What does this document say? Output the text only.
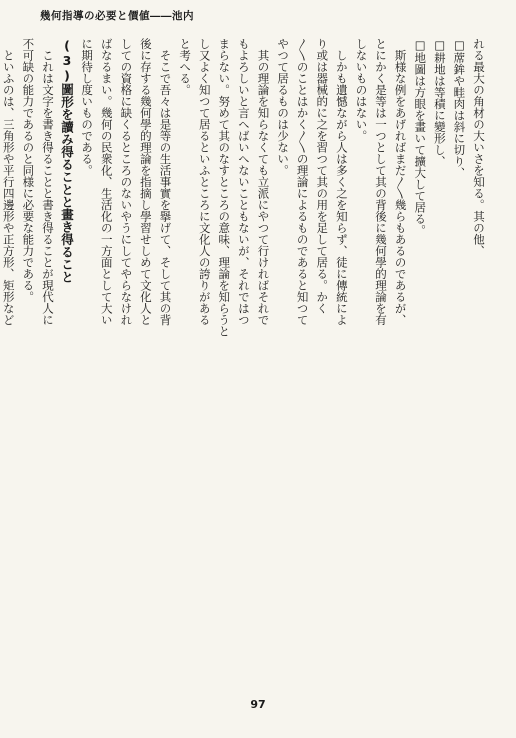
幾何指導の必要と價値――池内

れる最大の角材の大いさを知る。其の他、

□蓆鉾や畦肉は斜に切り、

□耕地は等積に變形し、

□地圖は方眼を畫いて擴大して居る。

　斯様な例をあげればまだ〳〵幾らもあるのであるが、

とにかく是等は一つとして其の背後に幾何學的理論を有

しないものはない。

　しかも遺憾ながら人は多く之を知らず、徒に傳統によ

り或は器械的に之を習つて其の用を足して居る。かく

〳〵のことはかく〳〵の理論によるものであると知つて

やつて居るものは少ない。

　其の理論を知らなくても立派にやつて行ければそれで

もよろしいと言へばいへないこともないが、それではつ

まらない。努めて其のなすところの意味、理論を知らうと

し又よく知つて居るといふところに文化人の誇りがある

と考へる。

　そこで吾々は是等の生活事實を擧げて、そして其の背

後に存する幾何學的理論を指摘し學習せしめて文化人と

しての資格に缺くるところのないやうにしてやらなけれ

ばなるまい。幾何の民衆化、生活化の一方面として大い

に期待し度いものである。

(3)圖形を讀み得ることと畫き得ること

　これは文字を書き得ることと書き得ることが現代人に

不可缺の能力であるのと同様に必要な能力である。

　といふのは、三角形や平行四邊形や正方形、矩形など

97
